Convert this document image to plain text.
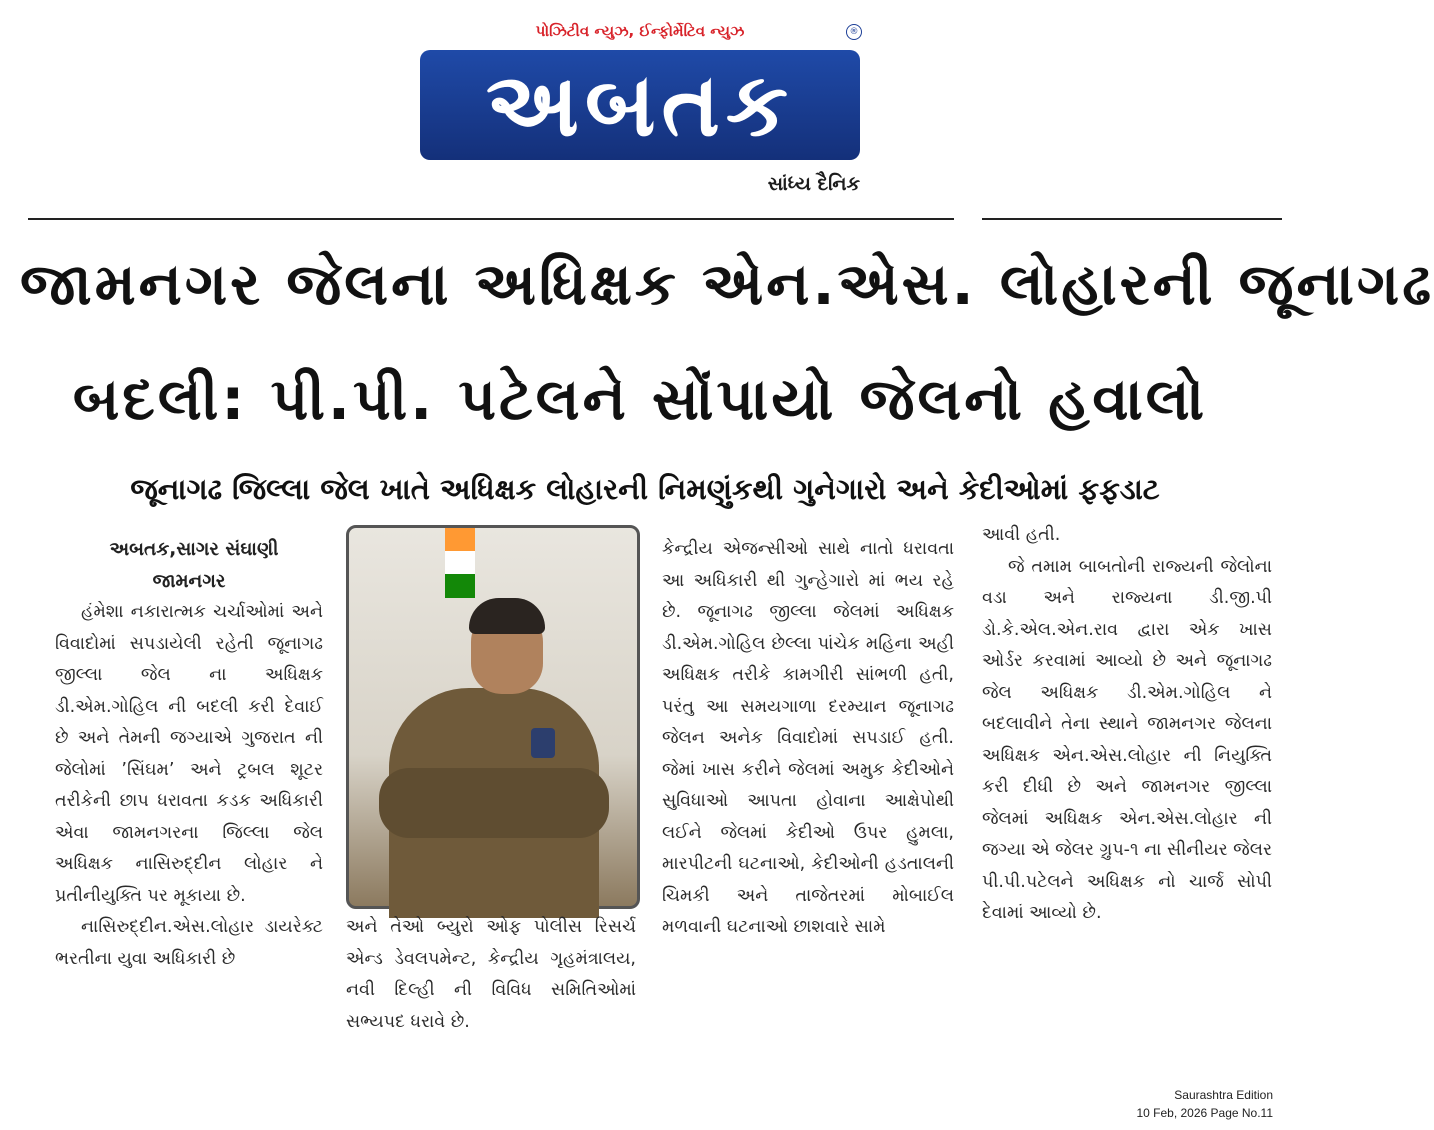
પોઝિટીવ ન્યુઝ, ઈન્ફોર્મેટિવ ન્યુઝ	®
અબતક
સાંધ્ય દૈનિક
જામનગર જેલના અધિક્ષક એન.એસ. લોહારની જૂનાગઢ
બદલી: પી.પી. પટેલને સોંપાયો જેલનો હવાલો
જૂનાગઢ જિલ્લા જેલ ખાતે અધિક્ષક લોહારની નિમણુંકથી ગુનેગારો અને કેદીઓમાં ફફડાટ
અબતક,સાગર સંઘાણી
જામનગર

હંમેશા નકારાત્મક ચર્ચાઓમાં અને વિવાદોમાં સપડાયેલી રહેતી જૂનાગઢ જીલ્લા જેલ ના અધિક્ષક ડી.એમ.ગોહિલ ની બદલી કરી દેવાઈ છે અને તેમની જગ્યાએ ગુજરાત ની જેલોમાં ’સિંઘમ’ અને ટ્રબલ શૂટર તરીકેની છાપ ધરાવતા કડક અધિકારી એવા જામનગરના જિલ્લા જેલ અધિક્ષક નાસિરુદ્દીન લોહાર ને પ્રતીનીયુક્તિ પર મૂકાયા છે.

નાસિરુદ્દીન.એસ.લોહાર ડાયરેક્ટ ભરતીના યુવા અધિકારી છે

અને તેઓ બ્યુરો ઓફ પોલીસ રિસર્ચ એન્ડ ડેવલપમેન્ટ, કેન્દ્રીય ગૃહમંત્રાલય, નવી દિલ્હી ની વિવિધ સમિતિઓમાં સભ્યપદ ધરાવે છે.

કેન્દ્રીય એજન્સીઓ સાથે નાતો ધરાવતા આ અધિકારી થી ગુન્હેગારો માં ભય રહે છે. જૂનાગઢ જીલ્લા જેલમાં અધિક્ષક ડી.એમ.ગોહિલ છેલ્લા પાંચેક મહિના અહી અધિક્ષક તરીકે કામગીરી સાંભળી હતી, પરંતુ આ સમયગાળા દરમ્યાન જૂનાગઢ જેલન અનેક વિવાદોમાં સપડાઈ હતી. જેમાં ખાસ કરીને જેલમાં અમુક કેદીઓને સુવિધાઓ આપતા હોવાના આક્ષેપોથી લઈને જેલમાં કેદીઓ ઉપર હુમલા, મારપીટની ઘટનાઓ, કેદીઓની હડતાલની ચિમકી અને તાજેતરમાં મોબાઈલ મળવાની ઘટનાઓ છાશવારે સામે

આવી હતી.

જે તમામ બાબતોની રાજ્યની જેલોના વડા અને રાજ્યના ડી.જી.પી ડો.કે.એલ.એન.રાવ દ્વારા એક ખાસ ઓર્ડર કરવામાં આવ્યો છે અને જૂનાગઢ જેલ અધિક્ષક ડી.એમ.ગોહિલ ને બદલાવીને તેના સ્થાને જામનગર જેલના અધિક્ષક એન.એસ.લોહાર ની નિયુક્તિ કરી દીધી છે અને જામનગર જીલ્લા જેલમાં અધિક્ષક એન.એસ.લોહાર ની જગ્યા એ જેલર ગ્રુપ-૧ ના સીનીયર જેલર પી.પી.પટેલને અધિક્ષક નો ચાર્જ સોપી દેવામાં આવ્યો છે.

Saurashtra Edition
10 Feb, 2026 Page No.11
